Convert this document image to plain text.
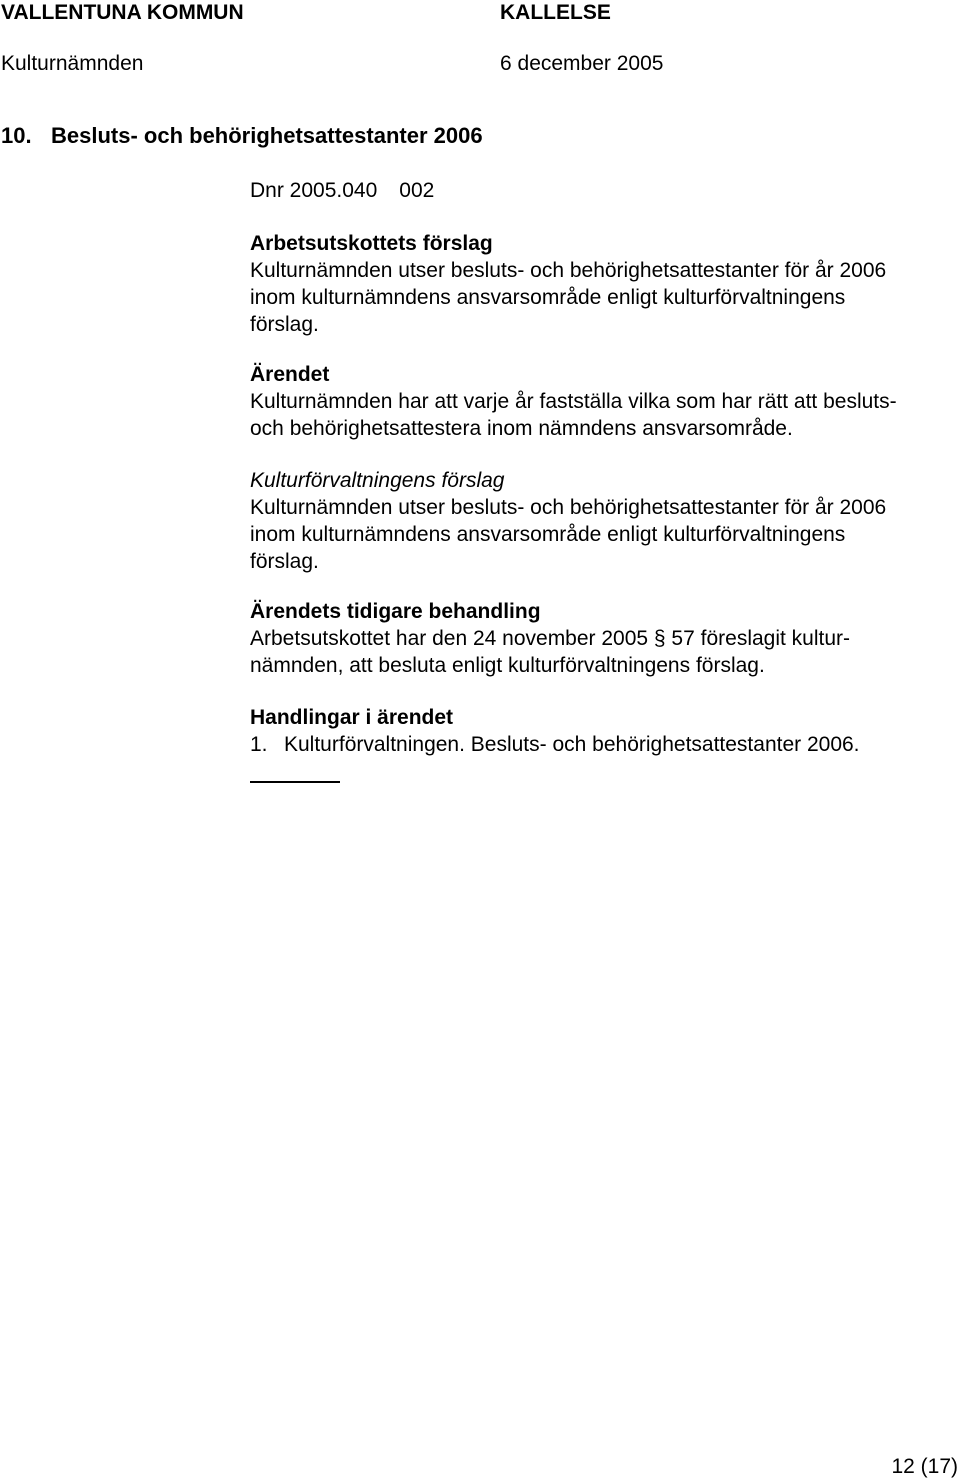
VALLENTUNA KOMMUN	KALLELSE
Kulturnämnden	6 december 2005
10. Besluts- och behörighetsattestanter 2006
Dnr 2005.040 002
Arbetsutskottets förslag
Kulturnämnden utser besluts- och behörighetsattestanter för år 2006
inom kulturnämndens ansvarsområde enligt kulturförvaltningens
förslag.
Ärendet
Kulturnämnden har att varje år fastställa vilka som har rätt att besluts-
och behörighetsattestera inom nämndens ansvarsområde.
Kulturförvaltningens förslag
Kulturnämnden utser besluts- och behörighetsattestanter för år 2006
inom kulturnämndens ansvarsområde enligt kulturförvaltningens
förslag.
Ärendets tidigare behandling
Arbetsutskottet har den 24 november 2005 § 57 föreslagit kultur-
nämnden, att besluta enligt kulturförvaltningens förslag.
Handlingar i ärendet
1. Kulturförvaltningen. Besluts- och behörighetsattestanter 2006.
12 (17)
